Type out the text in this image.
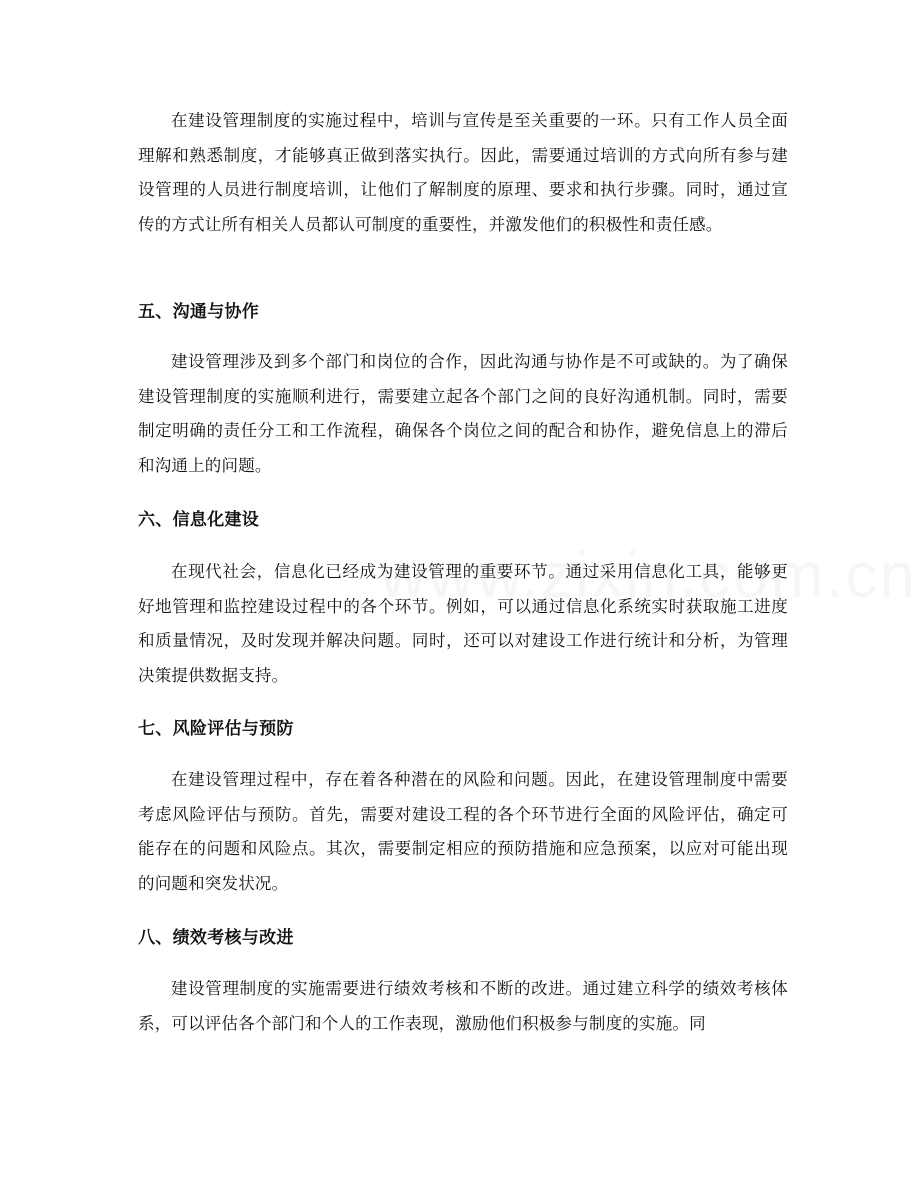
在建设管理制度的实施过程中，培训与宣传是至关重要的一环。只有工作人员全面理解和熟悉制度，才能够真正做到落实执行。因此，需要通过培训的方式向所有参与建设管理的人员进行制度培训，让他们了解制度的原理、要求和执行步骤。同时，通过宣传的方式让所有相关人员都认可制度的重要性，并激发他们的积极性和责任感。

五、沟通与协作

建设管理涉及到多个部门和岗位的合作，因此沟通与协作是不可或缺的。为了确保建设管理制度的实施顺利进行，需要建立起各个部门之间的良好沟通机制。同时，需要制定明确的责任分工和工作流程，确保各个岗位之间的配合和协作，避免信息上的滞后和沟通上的问题。

六、信息化建设

在现代社会，信息化已经成为建设管理的重要环节。通过采用信息化工具，能够更好地管理和监控建设过程中的各个环节。例如，可以通过信息化系统实时获取施工进度和质量情况，及时发现并解决问题。同时，还可以对建设工作进行统计和分析，为管理决策提供数据支持。

七、风险评估与预防

在建设管理过程中，存在着各种潜在的风险和问题。因此，在建设管理制度中需要考虑风险评估与预防。首先，需要对建设工程的各个环节进行全面的风险评估，确定可能存在的问题和风险点。其次，需要制定相应的预防措施和应急预案，以应对可能出现的问题和突发状况。

八、绩效考核与改进

建设管理制度的实施需要进行绩效考核和不断的改进。通过建立科学的绩效考核体系，可以评估各个部门和个人的工作表现，激励他们积极参与制度的实施。同
